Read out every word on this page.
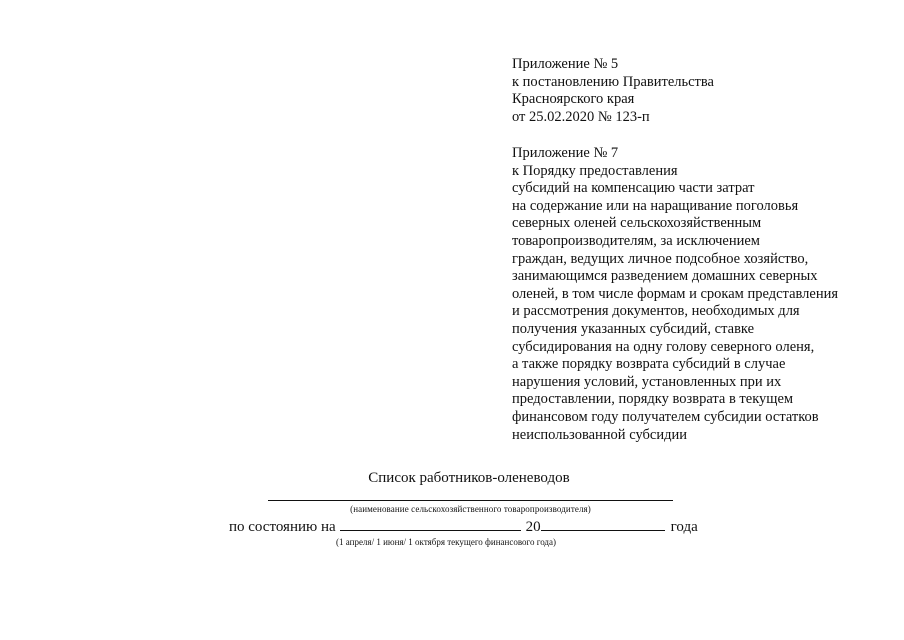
Приложение № 5
к постановлению Правительства
Красноярского края
от 25.02.2020 № 123-п
Приложение № 7
к Порядку предоставления
субсидий на компенсацию части затрат
на содержание или на наращивание поголовья
северных оленей сельскохозяйственным
товаропроизводителям, за исключением
граждан, ведущих личное подсобное хозяйство,
занимающимся разведением домашних северных
оленей, в том числе формам и срокам представления
и рассмотрения документов, необходимых для
получения указанных субсидий, ставке
субсидирования на одну голову северного оленя,
а также порядку возврата субсидий в случае
нарушения условий, установленных при их
предоставлении, порядку возврата в текущем
финансовом году получателем субсидии остатков
неиспользованной субсидии
Список работников-оленеводов
(наименование сельскохозяйственного товаропроизводителя)
по состоянию на	20	года
(1 апреля/ 1 июня/ 1 октября текущего финансового года)
